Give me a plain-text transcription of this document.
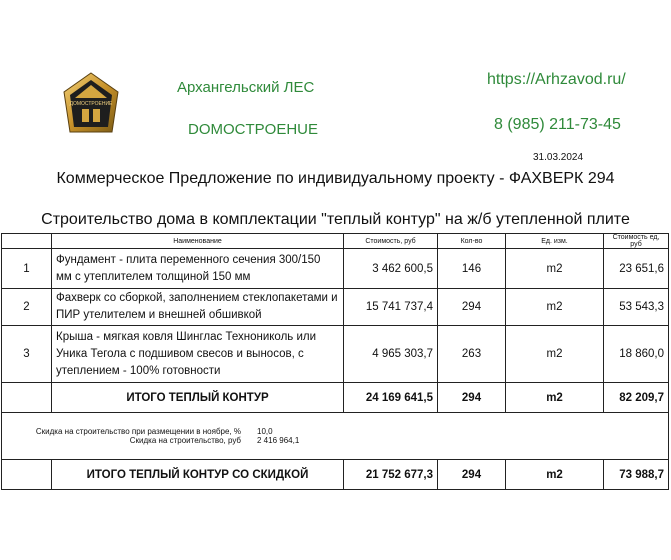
ДОМОСТРОЕНИЕ
Архангельский ЛЕС
DOMOCTPOEHUE
https://Arhzavod.ru/
8 (985) 211-73-45
31.03.2024
Коммерческое Предложение по индивидуальному проекту - ФАХВЕРК 294
Строительство дома в комплектации "теплый контур" на ж/б утепленной плите
	Наименование	Стоимость, руб	Кол-во	Ед. изм.	Стоимость ед, руб
1	Фундамент - плита переменного сечения 300/150 мм с утеплителем толщиной 150 мм	3 462 600,5	146	m2	23 651,6
2	Фахверк со сборкой, заполнением стеклопакетами и ПИР утелителем и внешней обшивкой	15 741 737,4	294	m2	53 543,3
3	Крыша - мягкая ковля Шинглас Технониколь или Уника Тегола с подшивом свесов и выносов, с утеплением - 100% готовности	4 965 303,7	263	m2	18 860,0
	ИТОГО ТЕПЛЫЙ КОНТУР	24 169 641,5	294	m2	82 209,7

Скидка на строительство при размещении в ноябре, % 10,0
Скидка на строительство, руб 2 416 964,1					

	ИТОГО ТЕПЛЫЙ КОНТУР СО СКИДКОЙ	21 752 677,3	294	m2	73 988,7
